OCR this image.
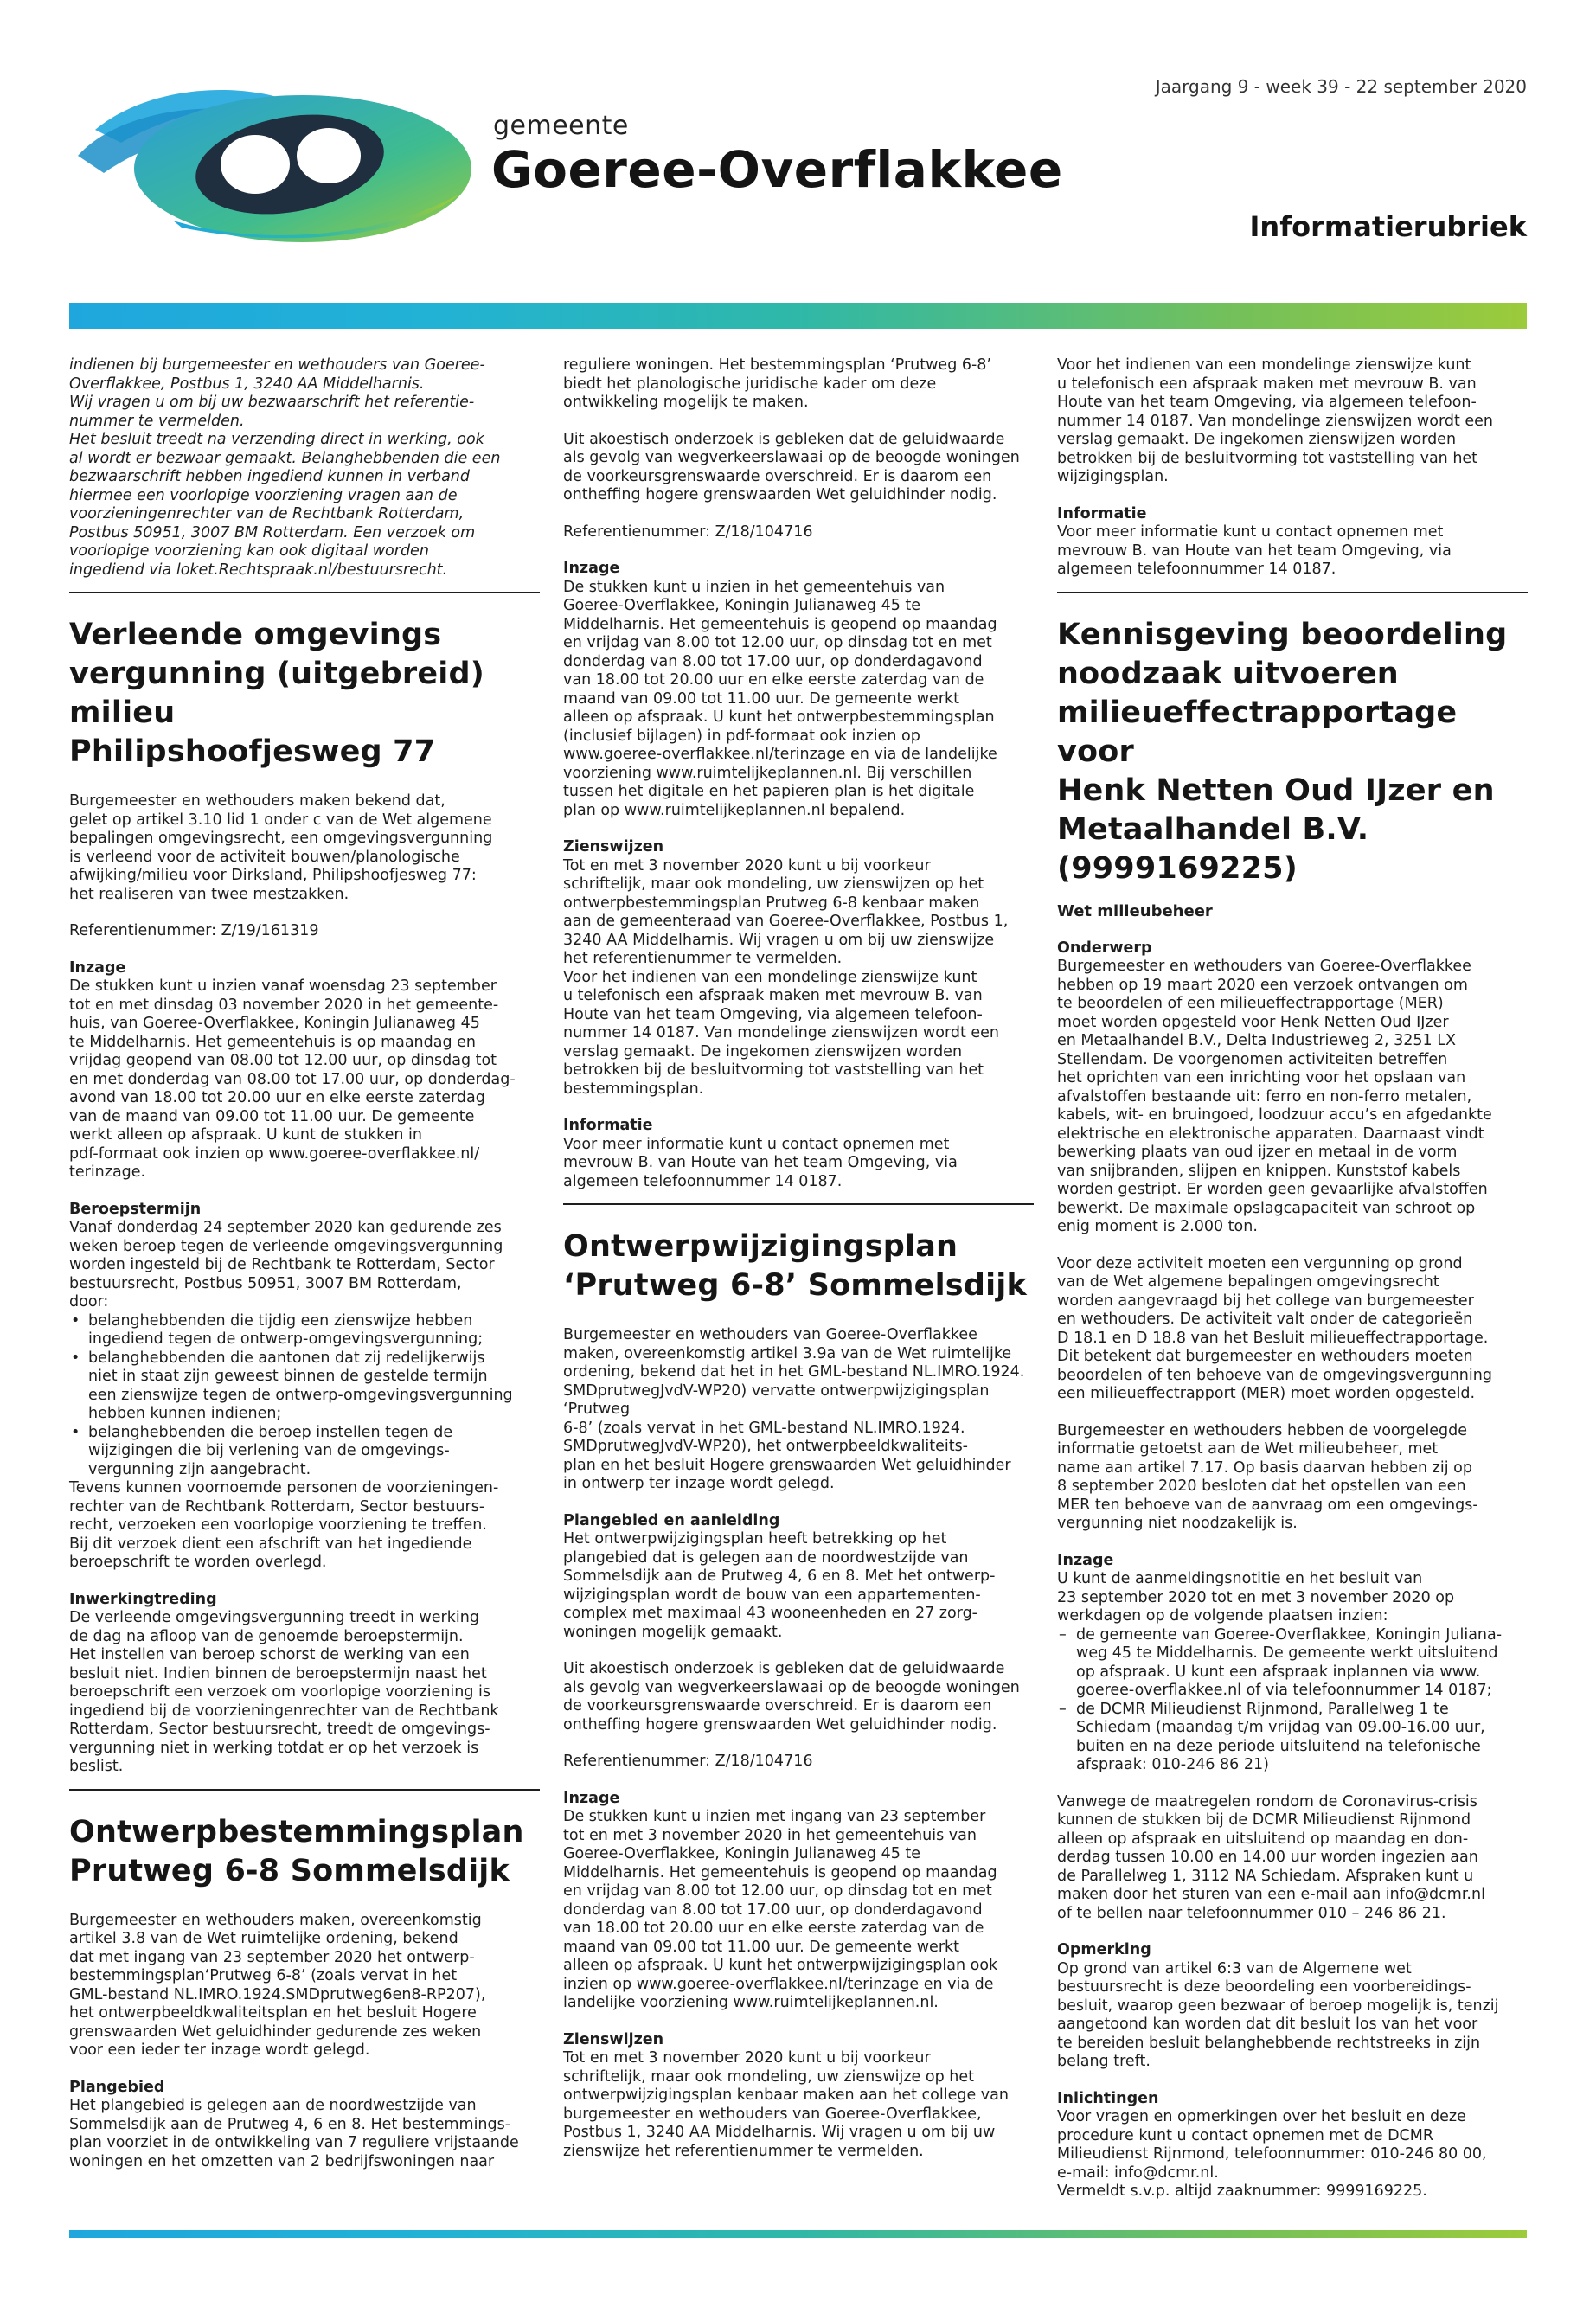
gemeente
Goeree-Overflakkee
Jaargang 9 - week 39 - 22 september 2020
Informatierubriek
indienen bij burgemeester en wethouders van Goeree-
Overflakkee, Postbus 1, 3240 AA Middelharnis.
Wij vragen u om bij uw bezwaarschrift het referentie-
nummer te vermelden.
Het besluit treedt na verzending direct in werking, ook
al wordt er bezwaar gemaakt. Belanghebbenden die een
bezwaarschrift hebben ingediend kunnen in verband
hiermee een voorlopige voorziening vragen aan de
voorzieningenrechter van de Rechtbank Rotterdam,
Postbus 50951, 3007 BM Rotterdam. Een verzoek om
voorlopige voorziening kan ook digitaal worden
ingediend via loket.Rechtspraak.nl/bestuursrecht.
Verleende omgevings
vergunning (uitgebreid) milieu
Philipshoofjesweg 77
Burgemeester en wethouders maken bekend dat,
gelet op artikel 3.10 lid 1 onder c van de Wet algemene
bepalingen omgevingsrecht, een omgevingsvergunning
is verleend voor de activiteit bouwen/planologische
afwijking/milieu voor Dirksland, Philipshoofjesweg 77:
het realiseren van twee mestzakken.

Referentienummer: Z/19/161319

Inzage

De stukken kunt u inzien vanaf woensdag 23 september
tot en met dinsdag 03 november 2020 in het gemeente-
huis, van Goeree-Overflakkee, Koningin Julianaweg 45
te Middelharnis. Het gemeentehuis is op maandag en
vrijdag geopend van 08.00 tot 12.00 uur, op dinsdag tot
en met donderdag van 08.00 tot 17.00 uur, op donderdag-
avond van 18.00 tot 20.00 uur en elke eerste zaterdag
van de maand van 09.00 tot 11.00 uur. De gemeente
werkt alleen op afspraak. U kunt de stukken in
pdf-formaat ook inzien op www.goeree-overflakkee.nl/
terinzage.

Beroepstermijn

Vanaf donderdag 24 september 2020 kan gedurende zes
weken beroep tegen de verleende omgevingsvergunning
worden ingesteld bij de Rechtbank te Rotterdam, Sector
bestuursrecht, Postbus 50951, 3007 BM Rotterdam,
door:
• belanghebbenden die tijdig een zienswijze hebben
ingediend tegen de ontwerp-omgevingsvergunning;
• belanghebbenden die aantonen dat zij redelijkerwijs
niet in staat zijn geweest binnen de gestelde termijn
een zienswijze tegen de ontwerp-omgevingsvergunning
hebben kunnen indienen;
• belanghebbenden die beroep instellen tegen de
wijzigingen die bij verlening van de omgevings-
vergunning zijn aangebracht.
Tevens kunnen voornoemde personen de voorzieningen-
rechter van de Rechtbank Rotterdam, Sector bestuurs-
recht, verzoeken een voorlopige voorziening te treffen.
Bij dit verzoek dient een afschrift van het ingediende
beroepschrift te worden overlegd.

Inwerkingtreding

De verleende omgevingsvergunning treedt in werking
de dag na afloop van de genoemde beroepstermijn.
Het instellen van beroep schorst de werking van een
besluit niet. Indien binnen de beroepstermijn naast het
beroepschrift een verzoek om voorlopige voorziening is
ingediend bij de voorzieningenrechter van de Rechtbank
Rotterdam, Sector bestuursrecht, treedt de omgevings-
vergunning niet in werking totdat er op het verzoek is
beslist.
Ontwerpbestemmingsplan
Prutweg 6-8 Sommelsdijk
Burgemeester en wethouders maken, overeenkomstig
artikel 3.8 van de Wet ruimtelijke ordening, bekend
dat met ingang van 23 september 2020 het ontwerp-
bestemmingsplan‘Prutweg 6-8’ (zoals vervat in het
GML-bestand NL.IMRO.1924.SMDprutweg6en8-RP207),
het ontwerpbeeldkwaliteitsplan en het besluit Hogere
grenswaarden Wet geluidhinder gedurende zes weken
voor een ieder ter inzage wordt gelegd.

Plangebied

Het plangebied is gelegen aan de noordwestzijde van
Sommelsdijk aan de Prutweg 4, 6 en 8. Het bestemmings-
plan voorziet in de ontwikkeling van 7 reguliere vrijstaande
woningen en het omzetten van 2 bedrijfswoningen naar
reguliere woningen. Het bestemmingsplan ‘Prutweg 6-8’
biedt het planologische juridische kader om deze
ontwikkeling mogelijk te maken.
Uit akoestisch onderzoek is gebleken dat de geluidwaarde
als gevolg van wegverkeerslawaai op de beoogde woningen
de voorkeursgrenswaarde overschreid. Er is daarom een
ontheffing hogere grenswaarden Wet geluidhinder nodig.

Referentienummer: Z/18/104716

Inzage

De stukken kunt u inzien in het gemeentehuis van
Goeree-Overflakkee, Koningin Julianaweg 45 te
Middelharnis. Het gemeentehuis is geopend op maandag
en vrijdag van 8.00 tot 12.00 uur, op dinsdag tot en met
donderdag van 8.00 tot 17.00 uur, op donderdagavond
van 18.00 tot 20.00 uur en elke eerste zaterdag van de
maand van 09.00 tot 11.00 uur. De gemeente werkt
alleen op afspraak. U kunt het ontwerpbestemmingsplan
(inclusief bijlagen) in pdf-formaat ook inzien op
www.goeree-overflakkee.nl/terinzage en via de landelijke
voorziening www.ruimtelijkeplannen.nl. Bij verschillen
tussen het digitale en het papieren plan is het digitale
plan op www.ruimtelijkeplannen.nl bepalend.

Zienswijzen

Tot en met 3 november 2020 kunt u bij voorkeur
schriftelijk, maar ook mondeling, uw zienswijzen op het
ontwerpbestemmingsplan Prutweg 6-8 kenbaar maken
aan de gemeenteraad van Goeree-Overflakkee, Postbus 1,
3240 AA Middelharnis. Wij vragen u om bij uw zienswijze
het referentienummer te vermelden.
Voor het indienen van een mondelinge zienswijze kunt
u telefonisch een afspraak maken met mevrouw B. van
Houte van het team Omgeving, via algemeen telefoon-
nummer 14 0187. Van mondelinge zienswijzen wordt een
verslag gemaakt. De ingekomen zienswijzen worden
betrokken bij de besluitvorming tot vaststelling van het
bestemmingsplan.

Informatie

Voor meer informatie kunt u contact opnemen met
mevrouw B. van Houte van het team Omgeving, via
algemeen telefoonnummer 14 0187.
Ontwerpwijzigingsplan
‘Prutweg 6-8’ Sommelsdijk
Burgemeester en wethouders van Goeree-Overflakkee
maken, overeenkomstig artikel 3.9a van de Wet ruimtelijke
ordening, bekend dat het in het GML-bestand NL.IMRO.1924.
SMDprutwegJvdV-WP20) vervatte ontwerpwijzigingsplan ‘Prutweg
6-8’ (zoals vervat in het GML-bestand NL.IMRO.1924.
SMDprutwegJvdV-WP20), het ontwerpbeeldkwaliteits-
plan en het besluit Hogere grenswaarden Wet geluidhinder
in ontwerp ter inzage wordt gelegd.

Plangebied en aanleiding

Het ontwerpwijzigingsplan heeft betrekking op het
plangebied dat is gelegen aan de noordwestzijde van
Sommelsdijk aan de Prutweg 4, 6 en 8. Met het ontwerp-
wijzigingsplan wordt de bouw van een appartementen-
complex met maximaal 43 wooneenheden en 27 zorg-
woningen mogelijk gemaakt.
Uit akoestisch onderzoek is gebleken dat de geluidwaarde
als gevolg van wegverkeerslawaai op de beoogde woningen
de voorkeursgrenswaarde overschreid. Er is daarom een
ontheffing hogere grenswaarden Wet geluidhinder nodig.

Referentienummer: Z/18/104716

Inzage

De stukken kunt u inzien met ingang van 23 september
tot en met 3 november 2020 in het gemeentehuis van
Goeree-Overflakkee, Koningin Julianaweg 45 te
Middelharnis. Het gemeentehuis is geopend op maandag
en vrijdag van 8.00 tot 12.00 uur, op dinsdag tot en met
donderdag van 8.00 tot 17.00 uur, op donderdagavond
van 18.00 tot 20.00 uur en elke eerste zaterdag van de
maand van 09.00 tot 11.00 uur. De gemeente werkt
alleen op afspraak. U kunt het ontwerpwijzigingsplan ook
inzien op www.goeree-overflakkee.nl/terinzage en via de
landelijke voorziening www.ruimtelijkeplannen.nl.

Zienswijzen

Tot en met 3 november 2020 kunt u bij voorkeur
schriftelijk, maar ook mondeling, uw zienswijze op het
ontwerpwijzigingsplan kenbaar maken aan het college van
burgemeester en wethouders van Goeree-Overflakkee,
Postbus 1, 3240 AA Middelharnis. Wij vragen u om bij uw
zienswijze het referentienummer te vermelden.
Voor het indienen van een mondelinge zienswijze kunt
u telefonisch een afspraak maken met mevrouw B. van
Houte van het team Omgeving, via algemeen telefoon-
nummer 14 0187. Van mondelinge zienswijzen wordt een
verslag gemaakt. De ingekomen zienswijzen worden
betrokken bij de besluitvorming tot vaststelling van het
wijzigingsplan.

Informatie

Voor meer informatie kunt u contact opnemen met
mevrouw B. van Houte van het team Omgeving, via
algemeen telefoonnummer 14 0187.
Kennisgeving beoordeling
noodzaak uitvoeren
milieueffectrapportage voor
Henk Netten Oud IJzer en
Metaalhandel B.V. (9999169225)

Wet milieubeheer

Onderwerp

Burgemeester en wethouders van Goeree-Overflakkee
hebben op 19 maart 2020 een verzoek ontvangen om
te beoordelen of een milieueffectrapportage (MER)
moet worden opgesteld voor Henk Netten Oud IJzer
en Metaalhandel B.V., Delta Industrieweg 2, 3251 LX
Stellendam. De voorgenomen activiteiten betreffen
het oprichten van een inrichting voor het opslaan van
afvalstoffen bestaande uit: ferro en non-ferro metalen,
kabels, wit- en bruingoed, loodzuur accu’s en afgedankte
elektrische en elektronische apparaten. Daarnaast vindt
bewerking plaats van oud ijzer en metaal in de vorm
van snijbranden, slijpen en knippen. Kunststof kabels
worden gestript. Er worden geen gevaarlijke afvalstoffen
bewerkt. De maximale opslagcapaciteit van schroot op
enig moment is 2.000 ton.
Voor deze activiteit moeten een vergunning op grond
van de Wet algemene bepalingen omgevingsrecht
worden aangevraagd bij het college van burgemeester
en wethouders. De activiteit valt onder de categorieën
D 18.1 en D 18.8 van het Besluit milieueffectrapportage.
Dit betekent dat burgemeester en wethouders moeten
beoordelen of ten behoeve van de omgevingsvergunning
een milieueffectrapport (MER) moet worden opgesteld.
Burgemeester en wethouders hebben de voorgelegde
informatie getoetst aan de Wet milieubeheer, met
name aan artikel 7.17. Op basis daarvan hebben zij op
8 september 2020 besloten dat het opstellen van een
MER ten behoeve van de aanvraag om een omgevings-
vergunning niet noodzakelijk is.

Inzage

U kunt de aanmeldingsnotitie en het besluit van
23 september 2020 tot en met 3 november 2020 op
werkdagen op de volgende plaatsen inzien:
– de gemeente van Goeree-Overflakkee, Koningin Juliana-
weg 45 te Middelharnis. De gemeente werkt uitsluitend
op afspraak. U kunt een afspraak inplannen via www.
goeree-overflakkee.nl of via telefoonnummer 14 0187;
– de DCMR Milieudienst Rijnmond, Parallelweg 1 te
Schiedam (maandag t/m vrijdag van 09.00-16.00 uur,
buiten en na deze periode uitsluitend na telefonische
afspraak: 010-246 86 21)
Vanwege de maatregelen rondom de Coronavirus-crisis
kunnen de stukken bij de DCMR Milieudienst Rijnmond
alleen op afspraak en uitsluitend op maandag en don-
derdag tussen 10.00 en 14.00 uur worden ingezien aan
de Parallelweg 1, 3112 NA Schiedam. Afspraken kunt u
maken door het sturen van een e-mail aan info@dcmr.nl
of te bellen naar telefoonnummer 010 – 246 86 21.

Opmerking

Op grond van artikel 6:3 van de Algemene wet
bestuursrecht is deze beoordeling een voorbereidings-
besluit, waarop geen bezwaar of beroep mogelijk is, tenzij
aangetoond kan worden dat dit besluit los van het voor
te bereiden besluit belanghebbende rechtstreeks in zijn
belang treft.

Inlichtingen

Voor vragen en opmerkingen over het besluit en deze
procedure kunt u contact opnemen met de DCMR
Milieudienst Rijnmond, telefoonnummer: 010-246 80 00,
e-mail: info@dcmr.nl.
Vermeldt s.v.p. altijd zaaknummer: 9999169225.
